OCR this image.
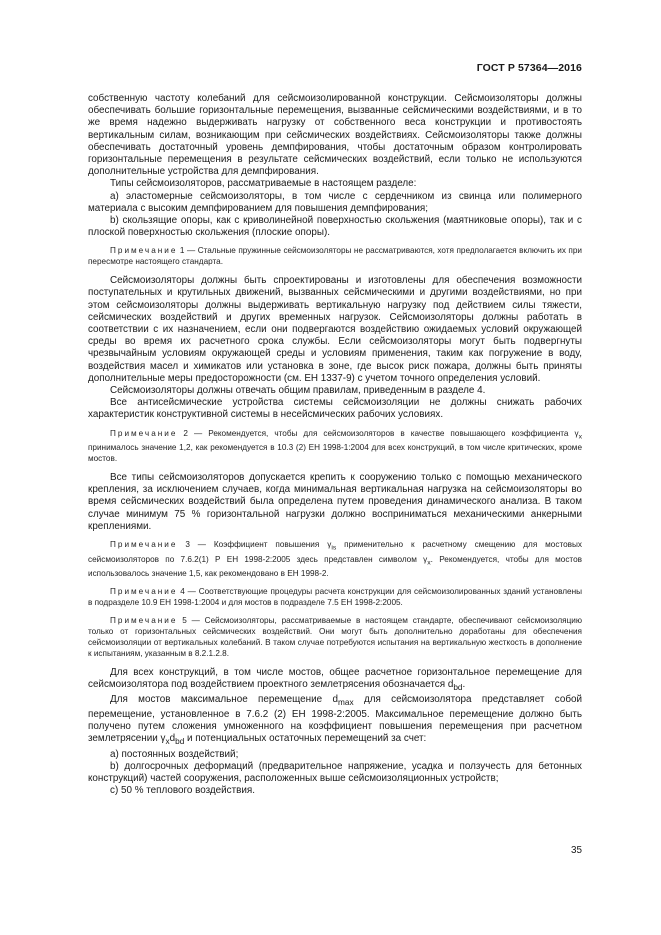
ГОСТ Р 57364—2016

собственную частоту колебаний для сейсмоизолированной конструкции. Сейсмоизоляторы должны обеспечивать большие горизонтальные перемещения, вызванные сейсмическими воздействиями, и в то же время надежно выдерживать нагрузку от собственного веса конструкции и противостоять вертикальным силам, возникающим при сейсмических воздействиях. Сейсмоизоляторы также должны обеспечивать достаточный уровень демпфирования, чтобы достаточным образом контролировать горизонтальные перемещения в результате сейсмических воздействий, если только не используются дополнительные устройства для демпфирования.

Типы сейсмоизоляторов, рассматриваемые в настоящем разделе:

a) эластомерные сейсмоизоляторы, в том числе с сердечником из свинца или полимерного материала с высоким демпфированием для повышения демпфирования;

b) скользящие опоры, как с криволинейной поверхностью скольжения (маятниковые опоры), так и с плоской поверхностью скольжения (плоские опоры).

Примечание 1 — Стальные пружинные сейсмоизоляторы не рассматриваются, хотя предполагается включить их при пересмотре настоящего стандарта.

Сейсмоизоляторы должны быть спроектированы и изготовлены для обеспечения возможности поступательных и крутильных движений, вызванных сейсмическими и другими воздействиями, но при этом сейсмоизоляторы должны выдерживать вертикальную нагрузку под действием силы тяжести, сейсмических воздействий и других временных нагрузок. Сейсмоизоляторы должны работать в соответствии с их назначением, если они подвергаются воздействию ожидаемых условий окружающей среды во время их расчетного срока службы. Если сейсмоизоляторы могут быть подвергнуты чрезвычайным условиям окружающей среды и условиям применения, таким как погружение в воду, воздействия масел и химикатов или установка в зоне, где высок риск пожара, должны быть приняты дополнительные меры предосторожности (см. ЕН 1337-9) с учетом точного определения условий.

Сейсмоизоляторы должны отвечать общим правилам, приведенным в разделе 4.

Все антисейсмические устройства системы сейсмоизоляции не должны снижать рабочих характеристик конструктивной системы в несейсмических рабочих условиях.

Примечание 2 — Рекомендуется, чтобы для сейсмоизоляторов в качестве повышающего коэффициента $\gamma_x$ принималось значение 1,2, как рекомендуется в 10.3 (2) ЕН 1998-1:2004 для всех конструкций, в том числе критических, кроме мостов.

Все типы сейсмоизоляторов допускается крепить к сооружению только с помощью механического крепления, за исключением случаев, когда минимальная вертикальная нагрузка на сейсмоизоляторы во время сейсмических воздействий была определена путем проведения динамического анализа. В таком случае минимум 75 % горизонтальной нагрузки должно восприниматься механическими анкерными креплениями.

Примечание 3 — Коэффициент повышения $\gamma_{is}$ применительно к расчетному смещению для мостовых сейсмоизоляторов по 7.6.2(1) Р ЕН 1998-2:2005 здесь представлен символом $\gamma_x$. Рекомендуется, чтобы для мостов использовалось значение 1,5, как рекомендовано в ЕН 1998-2.

Примечание 4 — Соответствующие процедуры расчета конструкции для сейсмоизолированных зданий установлены в подразделе 10.9 ЕН 1998-1:2004 и для мостов в подразделе 7.5 ЕН 1998-2:2005.

Примечание 5 — Сейсмоизоляторы, рассматриваемые в настоящем стандарте, обеспечивают сейсмоизоляцию только от горизонтальных сейсмических воздействий. Они могут быть дополнительно доработаны для обеспечения сейсмоизоляции от вертикальных колебаний. В таком случае потребуются испытания на вертикальную жесткость в дополнение к испытаниям, указанным в 8.2.1.2.8.

Для всех конструкций, в том числе мостов, общее расчетное горизонтальное перемещение для сейсмоизолятора под воздействием проектного землетрясения обозначается $d_{bd}$.

Для мостов максимальное перемещение $d_{max}$ для сейсмоизолятора представляет собой перемещение, установленное в 7.6.2 (2) ЕН 1998-2:2005. Максимальное перемещение должно быть получено путем сложения умноженного на коэффициент повышения перемещения при расчетном землетрясении $\gamma_xd_{bd}$ и потенциальных остаточных перемещений за счет:

a) постоянных воздействий;

b) долгосрочных деформаций (предварительное напряжение, усадка и ползучесть для бетонных конструкций) частей сооружения, расположенных выше сейсмоизоляционных устройств;

c) 50 % теплового воздействия.

35
